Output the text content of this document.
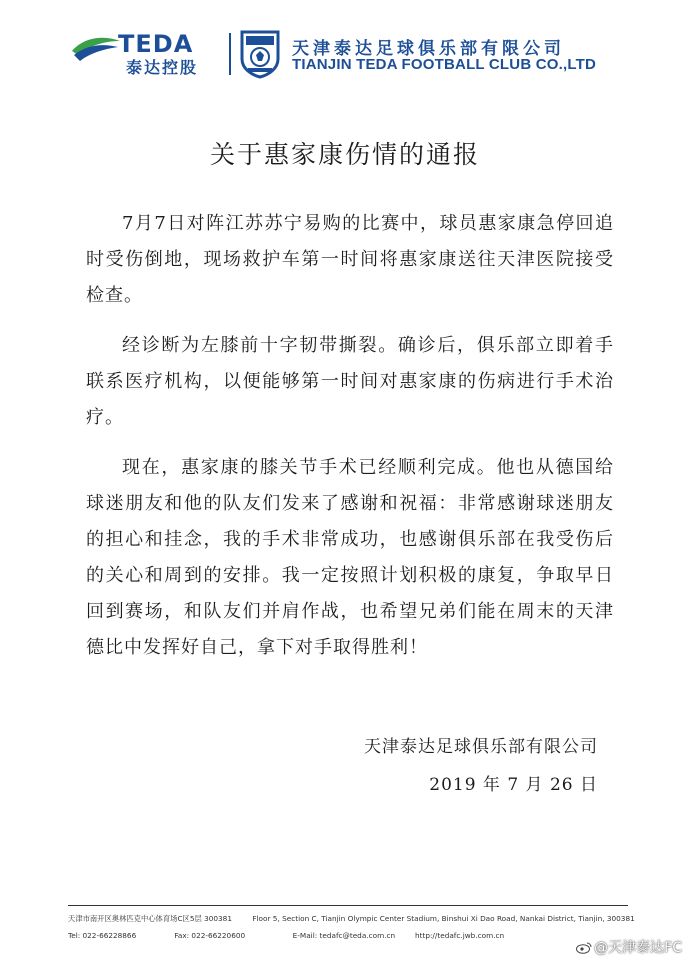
TEDA
泰达控股
天津泰达足球俱乐部有限公司
TIANJIN TEDA FOOTBALL CLUB CO.,LTD
关于惠家康伤情的通报

7月7日对阵江苏苏宁易购的比赛中，球员惠家康急停回追时受伤倒地，现场救护车第一时间将惠家康送往天津医院接受检查。

经诊断为左膝前十字韧带撕裂。确诊后，俱乐部立即着手联系医疗机构，以便能够第一时间对惠家康的伤病进行手术治疗。

现在，惠家康的膝关节手术已经顺利完成。他也从德国给球迷朋友和他的队友们发来了感谢和祝福：非常感谢球迷朋友的担心和挂念，我的手术非常成功，也感谢俱乐部在我受伤后的关心和周到的安排。我一定按照计划积极的康复，争取早日回到赛场，和队友们并肩作战，也希望兄弟们能在周末的天津德比中发挥好自己，拿下对手取得胜利！

天津泰达足球俱乐部有限公司
2019 年 7 月 26 日
天津市南开区奥林匹克中心体育场C区5层 300381	Floor 5, Section C, Tianjin Olympic Center Stadium, Binshui Xi Dao Road, Nankai District, Tianjin, 300381
Tel: 022-66228866	Fax: 022-66220600	E-Mail: tedafc@teda.com.cn	http://tedafc.jwb.com.cn
@天津泰达FC
